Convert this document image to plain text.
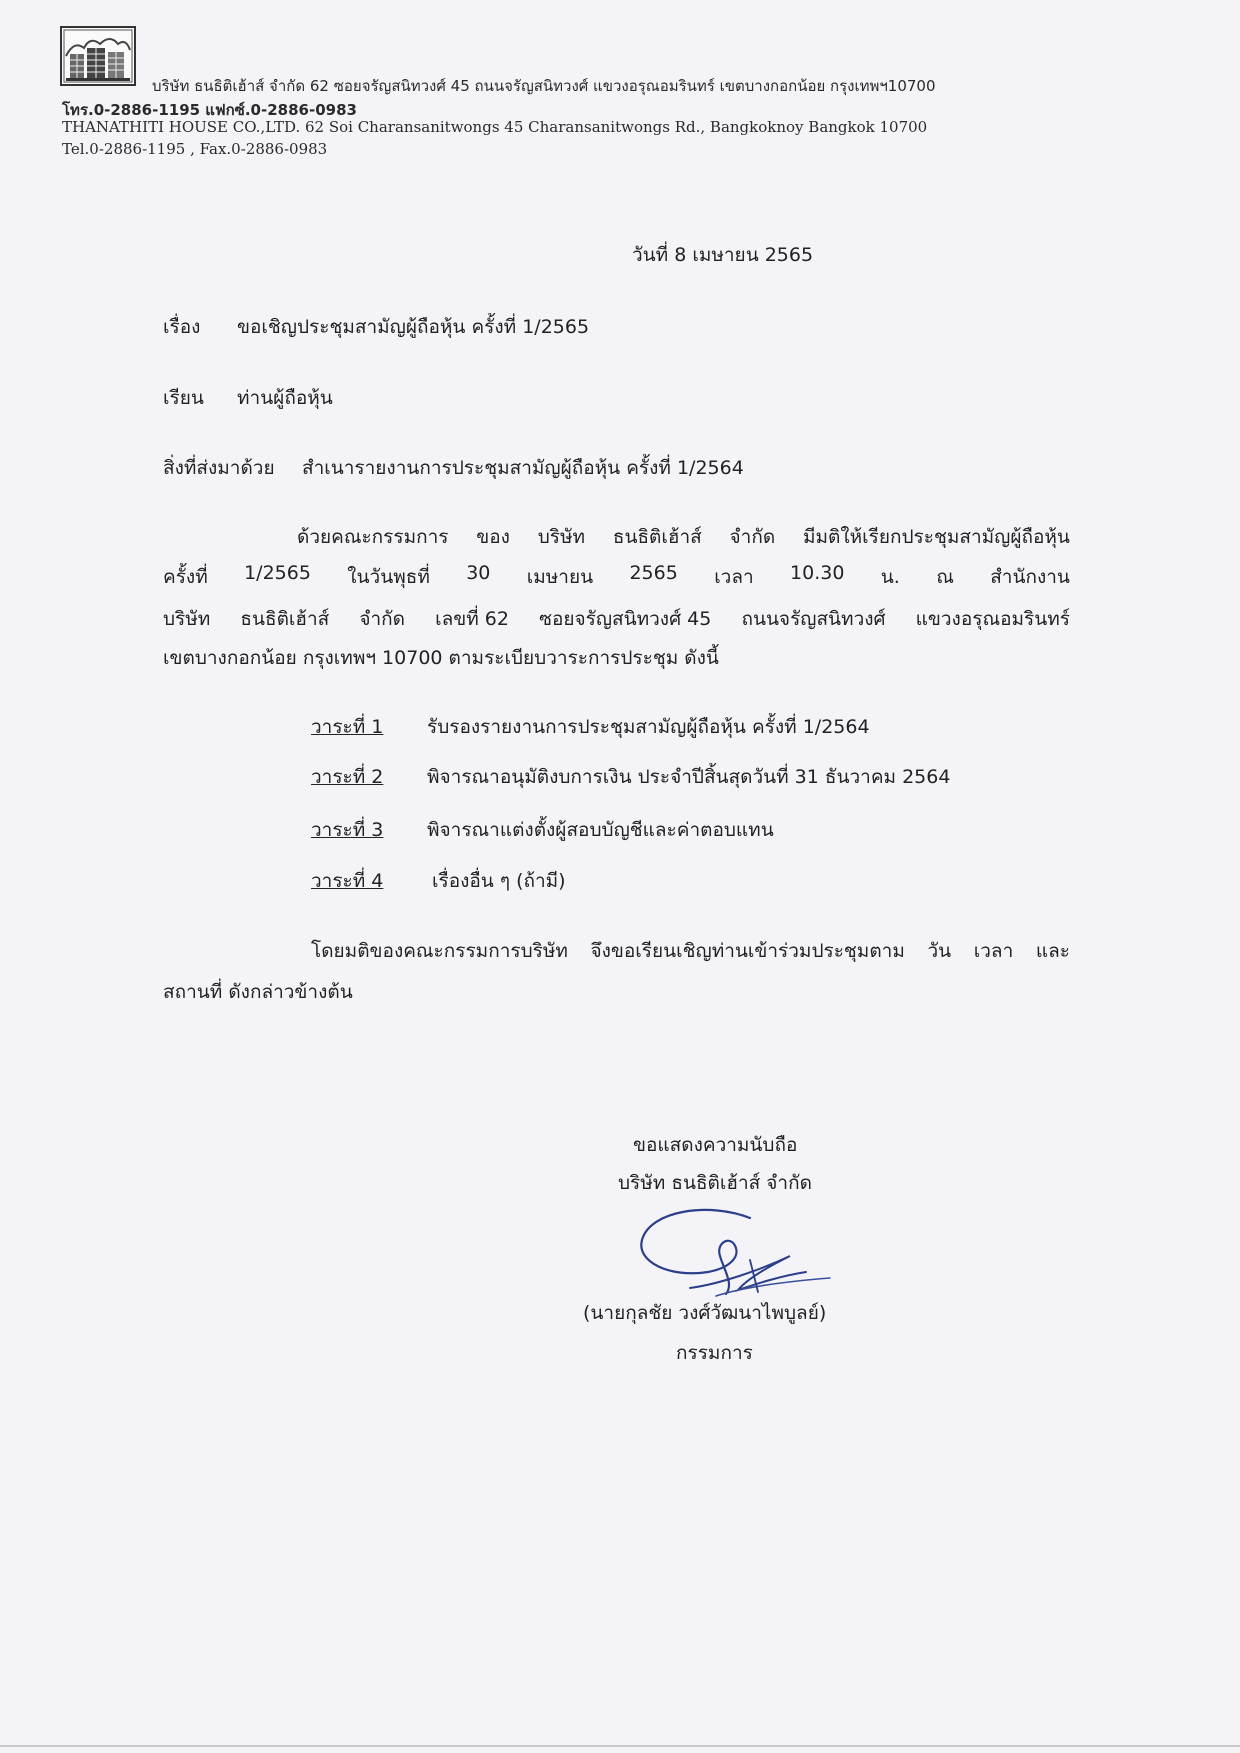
บริษัท ธนธิติเฮ้าส์ จำกัด 62 ซอยจรัญสนิทวงศ์ 45 ถนนจรัญสนิทวงศ์ แขวงอรุณอมรินทร์ เขตบางกอกน้อย กรุงเทพฯ10700
โทร.0-2886-1195 แฟกซ์.0-2886-0983
THANATHITI HOUSE CO.,LTD. 62 Soi Charansanitwongs 45 Charansanitwongs Rd., Bangkoknoy Bangkok 10700
Tel.0-2886-1195 , Fax.0-2886-0983
วันที่ 8 เมษายน 2565
เรื่อง ขอเชิญประชุมสามัญผู้ถือหุ้น ครั้งที่ 1/2565
เรียน ท่านผู้ถือหุ้น
สิ่งที่ส่งมาด้วย สำเนารายงานการประชุมสามัญผู้ถือหุ้น ครั้งที่ 1/2564
ด้วยคณะกรรมการ ของ บริษัท ธนธิติเฮ้าส์ จำกัด มีมติให้เรียกประชุมสามัญผู้ถือหุ้น
ครั้งที่ 1/2565 ในวันพุธที่ 30 เมษายน 2565 เวลา 10.30 น. ณ สำนักงาน
บริษัท ธนธิติเฮ้าส์ จำกัด เลขที่ 62 ซอยจรัญสนิทวงศ์ 45 ถนนจรัญสนิทวงศ์ แขวงอรุณอมรินทร์
เขตบางกอกน้อย กรุงเทพฯ 10700 ตามระเบียบวาระการประชุม ดังนี้
วาระที่ 1 รับรองรายงานการประชุมสามัญผู้ถือหุ้น ครั้งที่ 1/2564
วาระที่ 2 พิจารณาอนุมัติงบการเงิน ประจำปีสิ้นสุดวันที่ 31 ธันวาคม 2564
วาระที่ 3 พิจารณาแต่งตั้งผู้สอบบัญชีและค่าตอบแทน
วาระที่ 4	เรื่องอื่น ๆ (ถ้ามี)
โดยมติของคณะกรรมการบริษัท จึงขอเรียนเชิญท่านเข้าร่วมประชุมตาม วัน เวลา และ
สถานที่ ดังกล่าวข้างต้น
ขอแสดงความนับถือ
บริษัท ธนธิติเฮ้าส์ จำกัด
(นายกุลชัย วงศ์วัฒนาไพบูลย์)
กรรมการ
